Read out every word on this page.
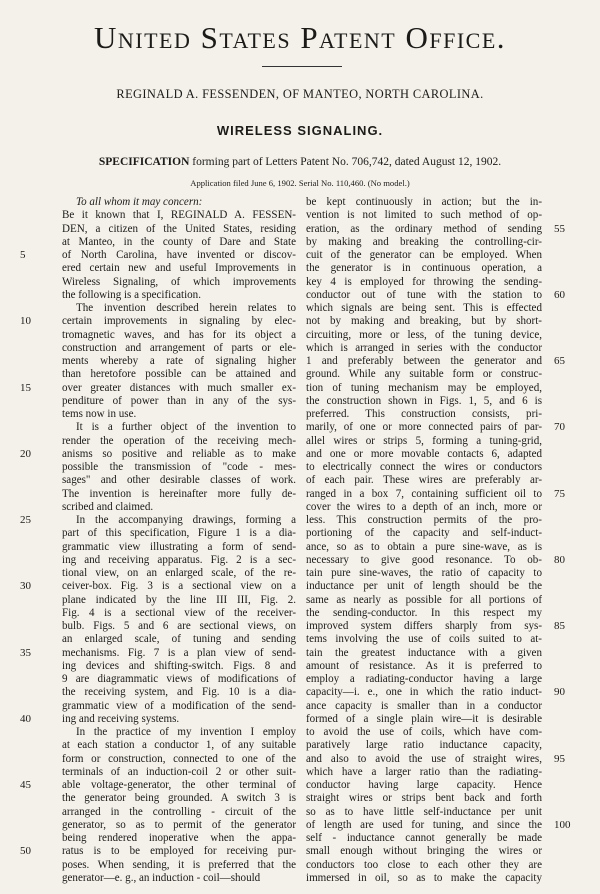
United States Patent Office.
REGINALD A. FESSENDEN, OF MANTEO, NORTH CAROLINA.
WIRELESS SIGNALING.
SPECIFICATION forming part of Letters Patent No. 706,742, dated August 12, 1902.
Application filed June 6, 1902. Serial No. 110,460. (No model.)
To all whom it may concern:
Be it known that I, REGINALD A. FESSEN-
DEN, a citizen of the United States, residing
at Manteo, in the county of Dare and State
of North Carolina, have invented or discov-
ered certain new and useful Improvements in
Wireless Signaling, of which improvements
the following is a specification.
The invention described herein relates to
certain improvements in signaling by elec-
tromagnetic waves, and has for its object a
construction and arrangement of parts or ele-
ments whereby a rate of signaling higher
than heretofore possible can be attained and
over greater distances with much smaller ex-
penditure of power than in any of the sys-
tems now in use.
It is a further object of the invention to
render the operation of the receiving mech-
anisms so positive and reliable as to make
possible the transmission of "code - mes-
sages" and other desirable classes of work.
The invention is hereinafter more fully de-
scribed and claimed.
In the accompanying drawings, forming a
part of this specification, Figure 1 is a dia-
grammatic view illustrating a form of send-
ing and receiving apparatus. Fig. 2 is a sec-
tional view, on an enlarged scale, of the re-
ceiver-box. Fig. 3 is a sectional view on a
plane indicated by the line III III, Fig. 2.
Fig. 4 is a sectional view of the receiver-
bulb. Figs. 5 and 6 are sectional views, on
an enlarged scale, of tuning and sending
mechanisms. Fig. 7 is a plan view of send-
ing devices and shifting-switch. Figs. 8 and
9 are diagrammatic views of modifications of
the receiving system, and Fig. 10 is a dia-
grammatic view of a modification of the send-
ing and receiving systems.
In the practice of my invention I employ
at each station a conductor 1, of any suitable
form or construction, connected to one of the
terminals of an induction-coil 2 or other suit-
able voltage-generator, the other terminal of
the generator being grounded. A switch 3 is
arranged in the controlling - circuit of the
generator, so as to permit of the generator
being rendered inoperative when the appa-
ratus is to be employed for receiving pur-
poses. When sending, it is preferred that the
generator—e. g., an induction - coil—should
be kept continuously in action; but the in-
vention is not limited to such method of op-
eration, as the ordinary method of sending
by making and breaking the controlling-cir-
cuit of the generator can be employed. When
the generator is in continuous operation, a
key 4 is employed for throwing the sending-
conductor out of tune with the station to
which signals are being sent. This is effected
not by making and breaking, but by short-
circuiting, more or less, of the tuning device,
which is arranged in series with the conductor
1 and preferably between the generator and
ground. While any suitable form or construc-
tion of tuning mechanism may be employed,
the construction shown in Figs. 1, 5, and 6 is
preferred. This construction consists, pri-
marily, of one or more connected pairs of par-
allel wires or strips 5, forming a tuning-grid,
and one or more movable contacts 6, adapted
to electrically connect the wires or conductors
of each pair. These wires are preferably ar-
ranged in a box 7, containing sufficient oil to
cover the wires to a depth of an inch, more or
less. This construction permits of the pro-
portioning of the capacity and self-induct-
ance, so as to obtain a pure sine-wave, as is
necessary to give good resonance. To ob-
tain pure sine-waves, the ratio of capacity to
inductance per unit of length should be the
same as nearly as possible for all portions of
the sending-conductor. In this respect my
improved system differs sharply from sys-
tems involving the use of coils suited to at-
tain the greatest inductance with a given
amount of resistance. As it is preferred to
employ a radiating-conductor having a large
capacity—i. e., one in which the ratio induct-
ance capacity is smaller than in a conductor
formed of a single plain wire—it is desirable
to avoid the use of coils, which have com-
paratively large ratio inductance capacity,
and also to avoid the use of straight wires,
which have a larger ratio than the radiating-
conductor having large capacity. Hence
straight wires or strips bent back and forth
so as to have little self-inductance per unit
of length are used for tuning, and since the
self - inductance cannot generally be made
small enough without bringing the wires or
conductors too close to each other they are
immersed in oil, so as to make the capacity
5
10
15
20
25
30
35
40
45
50
55
60
65
70
75
80
85
90
95
100
